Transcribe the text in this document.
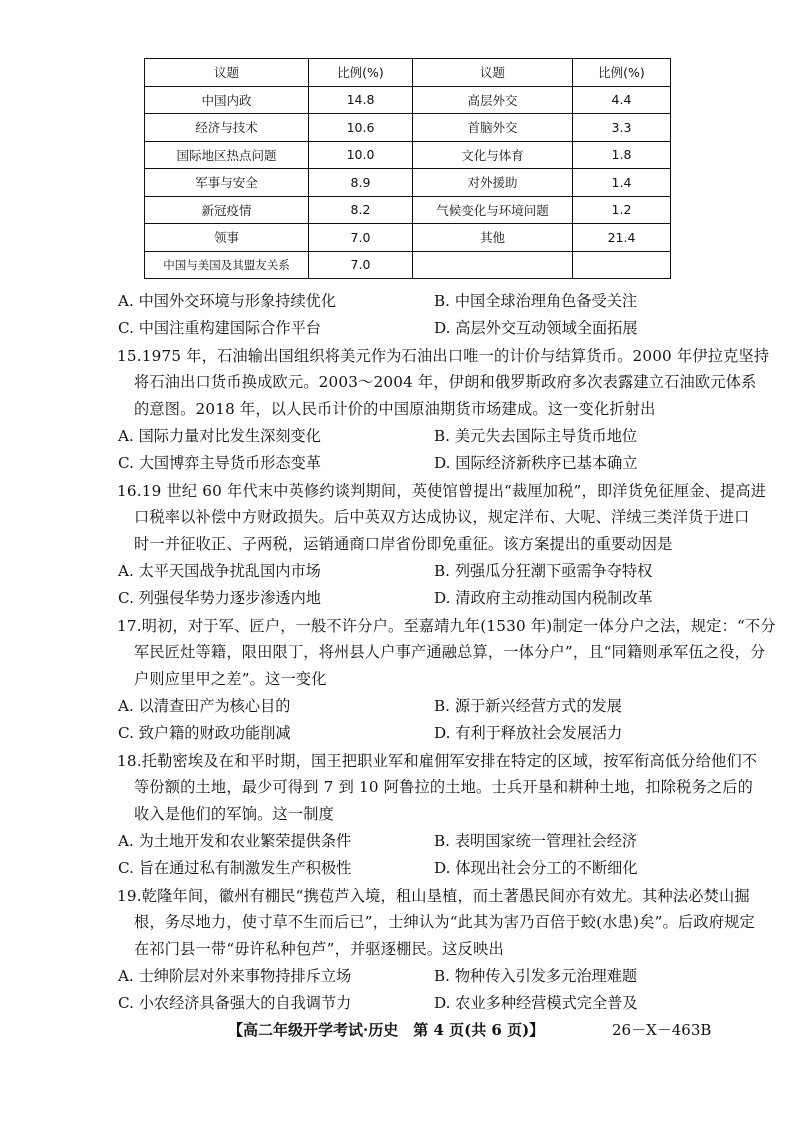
议题	比例(%)	议题	比例(%)
中国内政	14.8	高层外交	4.4
经济与技术	10.6	首脑外交	3.3
国际地区热点问题	10.0	文化与体育	1.8
军事与安全	8.9	对外援助	1.4
新冠疫情	8.2	气候变化与环境问题	1.2
领事	7.0	其他	21.4
中国与美国及其盟友关系	7.0		
A. 中国外交环境与形象持续优化	B. 中国全球治理角色备受关注
C. 中国注重构建国际合作平台	D. 高层外交互动领域全面拓展
15.1975 年，石油输出国组织将美元作为石油出口唯一的计价与结算货币。2000 年伊拉克坚持
将石油出口货币换成欧元。2003～2004 年，伊朗和俄罗斯政府多次表露建立石油欧元体系
的意图。2018 年，以人民币计价的中国原油期货市场建成。这一变化折射出
A. 国际力量对比发生深刻变化	B. 美元失去国际主导货币地位
C. 大国博弈主导货币形态变革	D. 国际经济新秩序已基本确立
16.19 世纪 60 年代末中英修约谈判期间，英使馆曾提出“裁厘加税”，即洋货免征厘金、提高进
口税率以补偿中方财政损失。后中英双方达成协议，规定洋布、大呢、洋绒三类洋货于进口
时一并征收正、子两税，运销通商口岸省份即免重征。该方案提出的重要动因是
A. 太平天国战争扰乱国内市场	B. 列强瓜分狂潮下亟需争夺特权
C. 列强侵华势力逐步渗透内地	D. 清政府主动推动国内税制改革
17.明初，对于军、匠户，一般不许分户。至嘉靖九年(1530 年)制定一体分户之法，规定：“不分
军民匠灶等籍，限田限丁，将州县人户事产通融总算，一体分户”，且“同籍则承军伍之役，分
户则应里甲之差”。这一变化
A. 以清查田产为核心目的	B. 源于新兴经营方式的发展
C. 致户籍的财政功能削减	D. 有利于释放社会发展活力
18.托勒密埃及在和平时期，国王把职业军和雇佣军安排在特定的区域，按军衔高低分给他们不
等份额的土地，最少可得到 7 到 10 阿鲁拉的土地。士兵开垦和耕种土地，扣除税务之后的
收入是他们的军饷。这一制度
A. 为土地开发和农业繁荣提供条件	B. 表明国家统一管理社会经济
C. 旨在通过私有制激发生产积极性	D. 体现出社会分工的不断细化
19.乾隆年间，徽州有棚民“携苞芦入境，租山垦植，而土著愚民间亦有效尤。其种法必焚山掘
根，务尽地力，使寸草不生而后已”，士绅认为“此其为害乃百倍于蛟(水患)矣”。后政府规定
在祁门县一带“毋许私种包芦”，并驱逐棚民。这反映出
A. 士绅阶层对外来事物持排斥立场	B. 物种传入引发多元治理难题
C. 小农经济具备强大的自我调节力	D. 农业多种经营模式完全普及
【高二年级开学考试·历史　第 4 页(共 6 页)】	26－X－463B
